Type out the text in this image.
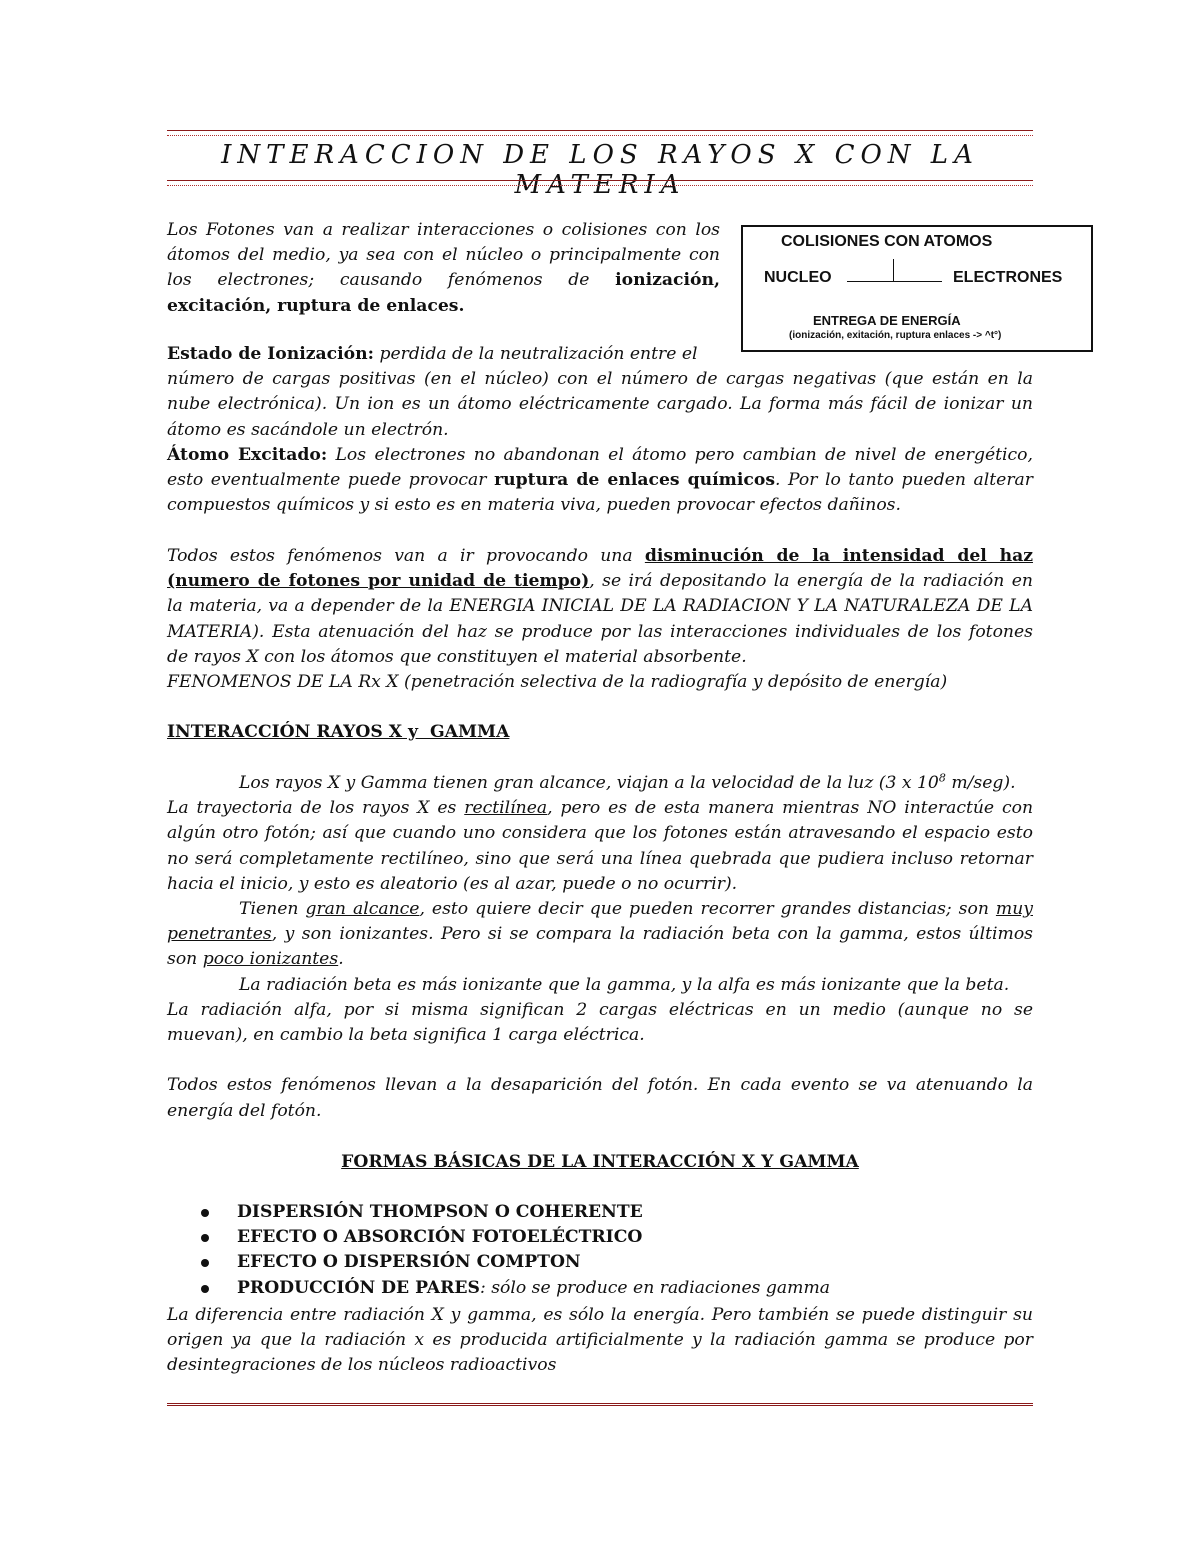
INTERACCION DE LOS RAYOS X CON LA MATERIA
Los Fotones van a realizar interacciones o colisiones con los
átomos del medio, ya sea con el núcleo o principalmente con
los electrones; causando fenómenos de ionización,
excitación, ruptura de enlaces.
COLISIONES CON ATOMOS
NUCLEO	ELECTRONES
ENTREGA DE ENERGÍA
(ionización, exitación, ruptura enlaces -> ^t°)
Estado de Ionización: perdida de la neutralización entre el
número de cargas positivas (en el núcleo) con el número de cargas negativas (que están en la
nube electrónica). Un ion es un átomo eléctricamente cargado. La forma más fácil de ionizar un
átomo es sacándole un electrón.
Átomo Excitado: Los electrones no abandonan el átomo pero cambian de nivel de energético,
esto eventualmente puede provocar ruptura de enlaces químicos. Por lo tanto pueden alterar
compuestos químicos y si esto es en materia viva, pueden provocar efectos dañinos.
Todos estos fenómenos van a ir provocando una disminución de la intensidad del haz
(numero de fotones por unidad de tiempo), se irá depositando la energía de la radiación en
la materia, va a depender de la ENERGIA INICIAL DE LA RADIACION Y LA NATURALEZA DE LA
MATERIA). Esta atenuación del haz se produce por las interacciones individuales de los fotones
de rayos X con los átomos que constituyen el material absorbente.
FENOMENOS DE LA Rx X (penetración selectiva de la radiografía y depósito de energía)
INTERACCIÓN RAYOS X y  GAMMA
Los rayos X y Gamma tienen gran alcance, viajan a la velocidad de la luz (3 x $10^8$ m/seg).
La trayectoria de los rayos X es rectilínea, pero es de esta manera mientras NO interactúe con
algún otro fotón; así que cuando uno considera que los fotones están atravesando el espacio esto
no será completamente rectilíneo, sino que será una línea quebrada que pudiera incluso retornar
hacia el inicio, y esto es aleatorio (es al azar, puede o no ocurrir).
Tienen gran alcance, esto quiere decir que pueden recorrer grandes distancias; son muy
penetrantes, y son ionizantes. Pero si se compara la radiación beta con la gamma, estos últimos
son poco ionizantes.
La radiación beta es más ionizante que la gamma, y la alfa es más ionizante que la beta.
La radiación alfa, por si misma significan 2 cargas eléctricas en un medio (aunque no se
muevan), en cambio la beta significa 1 carga eléctrica.

Todos estos fenómenos llevan a la desaparición del fotón. En cada evento se va atenuando la
energía del fotón.
FORMAS BÁSICAS DE LA INTERACCIÓN X Y GAMMA
DISPERSIÓN THOMPSON O COHERENTE
EFECTO O ABSORCIÓN FOTOELÉCTRICO
EFECTO O DISPERSIÓN COMPTON
PRODUCCIÓN DE PARES: sólo se produce en radiaciones gamma
La diferencia entre radiación X y gamma, es sólo la energía. Pero también se puede distinguir su
origen ya que la radiación x es producida artificialmente y la radiación gamma se produce por
desintegraciones de los núcleos radioactivos
